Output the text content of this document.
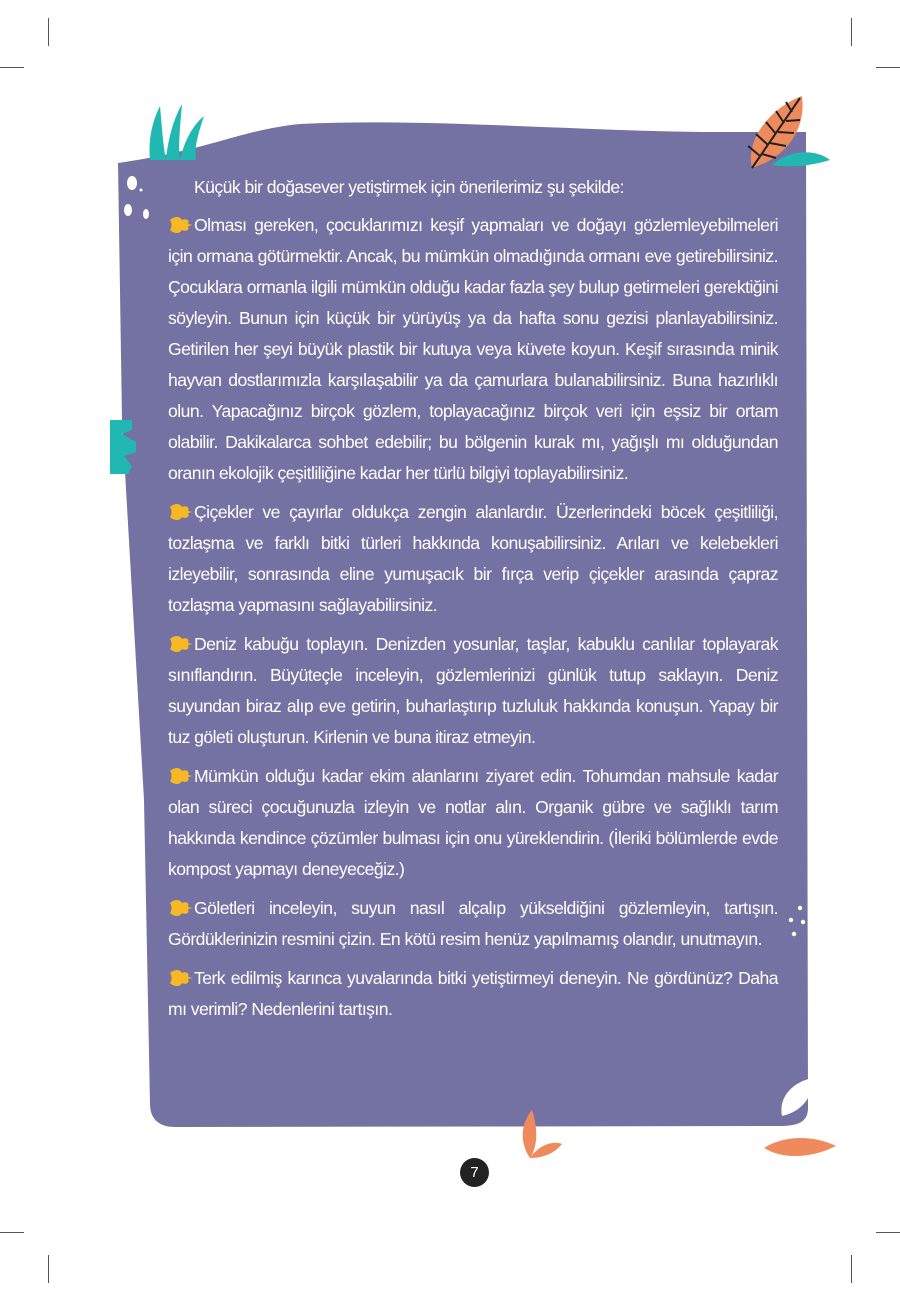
Küçük bir doğasever yetiştirmek için önerilerimiz şu şekilde:

Olması gereken, çocuklarımızı keşif yapmaları ve doğayı gözlemleyebilmeleri için ormana götürmektir. Ancak, bu mümkün olmadığında ormanı eve getirebilirsiniz. Çocuklara ormanla ilgili mümkün olduğu kadar fazla şey bulup getirmeleri gerektiğini söyleyin. Bunun için küçük bir yürüyüş ya da hafta sonu gezisi planlayabilirsiniz. Getirilen her şeyi büyük plastik bir kutuya veya küvete koyun. Keşif sırasında minik hayvan dostlarımızla karşılaşabilir ya da çamurlara bulanabilirsiniz. Buna hazırlıklı olun. Yapacağınız birçok gözlem, toplayacağınız birçok veri için eşsiz bir ortam olabilir. Dakikalarca sohbet edebilir; bu bölgenin kurak mı, yağışlı mı olduğundan oranın ekolojik çeşitliliğine kadar her türlü bilgiyi toplayabilirsiniz.

Çiçekler ve çayırlar oldukça zengin alanlardır. Üzerlerindeki böcek çeşitliliği, tozlaşma ve farklı bitki türleri hakkında konuşabilirsiniz. Arıları ve kelebekleri izleyebilir, sonrasında eline yumuşacık bir fırça verip çiçekler arasında çapraz tozlaşma yapmasını sağlayabilirsiniz.

Deniz kabuğu toplayın. Denizden yosunlar, taşlar, kabuklu canlılar toplayarak sınıflandırın. Büyüteçle inceleyin, gözlemlerinizi günlük tutup saklayın. Deniz suyundan biraz alıp eve getirin, buharlaştırıp tuzluluk hakkında konuşun. Yapay bir tuz göleti oluşturun. Kirlenin ve buna itiraz etmeyin.

Mümkün olduğu kadar ekim alanlarını ziyaret edin. Tohumdan mahsule kadar olan süreci çocuğunuzla izleyin ve notlar alın. Organik gübre ve sağlıklı tarım hakkında kendince çözümler bulması için onu yüreklendirin. (İleriki bölümlerde evde kompost yapmayı deneyeceğiz.)

Göletleri inceleyin, suyun nasıl alçalıp yükseldiğini gözlemleyin, tartışın. Gördüklerinizin resmini çizin. En kötü resim henüz yapılmamış olandır, unutmayın.

Terk edilmiş karınca yuvalarında bitki yetiştirmeyi deneyin. Ne gördünüz? Daha mı verimli? Nedenlerini tartışın.

7
